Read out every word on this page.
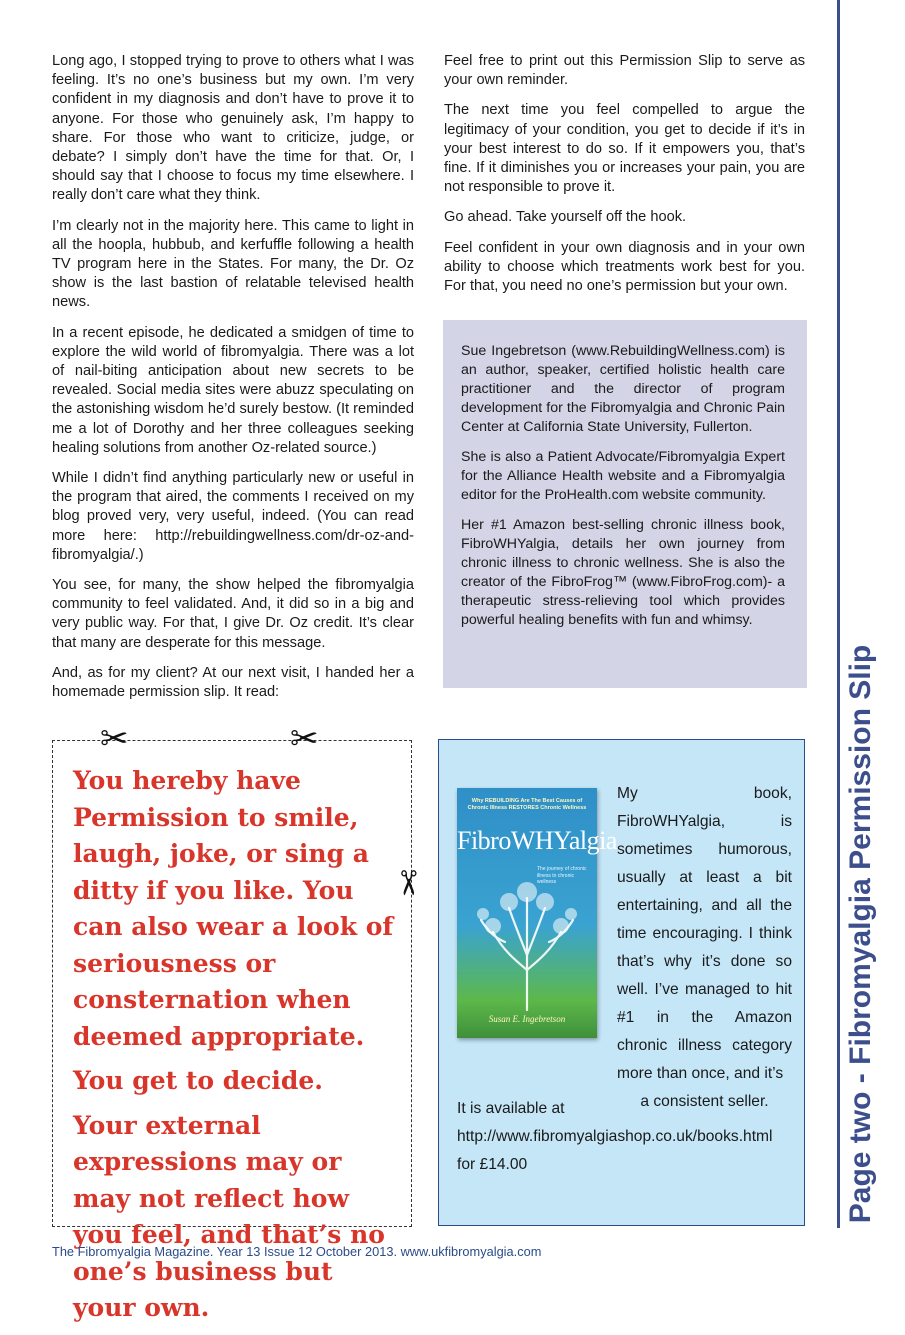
Long ago, I stopped trying to prove to others what I was feeling. It’s no one’s business but my own. I’m very confident in my diagnosis and don’t have to prove it to anyone. For those who genuinely ask, I’m happy to share. For those who want to criticize, judge, or debate? I simply don’t have the time for that. Or, I should say that I choose to focus my time elsewhere. I really don’t care what they think.

I’m clearly not in the majority here. This came to light in all the hoopla, hubbub, and kerfuffle following a health TV program here in the States. For many, the Dr. Oz show is the last bastion of relatable televised health news.

In a recent episode, he dedicated a smidgen of time to explore the wild world of fibromyalgia. There was a lot of nail-biting anticipation about new secrets to be revealed. Social media sites were abuzz speculating on the astonishing wisdom he’d surely bestow. (It reminded me a lot of Dorothy and her three colleagues seeking healing solutions from another Oz-related source.)

While I didn’t find anything particularly new or useful in the program that aired, the comments I received on my blog proved very, very useful, indeed. (You can read more here: http://rebuildingwellness.com/dr-oz-and-fibromyalgia/.)

You see, for many, the show helped the fibromyalgia community to feel validated. And, it did so in a big and very public way. For that, I give Dr. Oz credit. It’s clear that many are desperate for this message.

And, as for my client? At our next visit, I handed her a homemade permission slip. It read:

Feel free to print out this Permission Slip to serve as your own reminder.

The next time you feel compelled to argue the legitimacy of your condition, you get to decide if it’s in your best interest to do so. If it empowers you, that’s fine. If it diminishes you or increases your pain, you are not responsible to prove it.

Go ahead. Take yourself off the hook.

Feel confident in your own diagnosis and in your own ability to choose which treatments work best for you. For that, you need no one’s permission but your own.

Sue Ingebretson (www.RebuildingWellness.com) is an author, speaker, certified holistic health care practitioner and the director of program development for the Fibromyalgia and Chronic Pain Center at California State University, Fullerton.

She is also a Patient Advocate/Fibromyalgia Expert for the Alliance Health website and a Fibromyalgia editor for the ProHealth.com website community.

Her #1 Amazon best-selling chronic illness book, FibroWHYalgia, details her own journey from chronic illness to chronic wellness. She is also the creator of the FibroFrog™ (www.FibroFrog.com)- a therapeutic stress-relieving tool which provides powerful healing benefits with fun and whimsy.

You hereby have Permission to smile, laugh, joke, or sing a ditty if you like. You can also wear a look of seriousness or consternation when deemed appropriate.

You get to decide.

Your external expressions may or may not reflect how you feel, and that’s no one’s business but your own.

✂	✂
✂
Why REBUILDING Are The Best Causes of Chronic Illness RESTORES Chronic Wellness
FibroWHYalgia
The journey of chronic illness to chronic wellness
Susan E. Ingebretson
My book, FibroWHYalgia, is sometimes humorous, usually at least a bit entertaining, and all the time encouraging. I think that’s why it’s done so well. I’ve managed to hit #1 in the Amazon chronic illness category more than once, and it’s
a consistent seller.
It is available at http://www.fibromyalgiashop.co.uk/books.html for £14.00	Page two - Fibromyalgia Permission Slip
The Fibromyalgia Magazine. Year 13 Issue 12 October 2013. www.ukfibromyalgia.com
